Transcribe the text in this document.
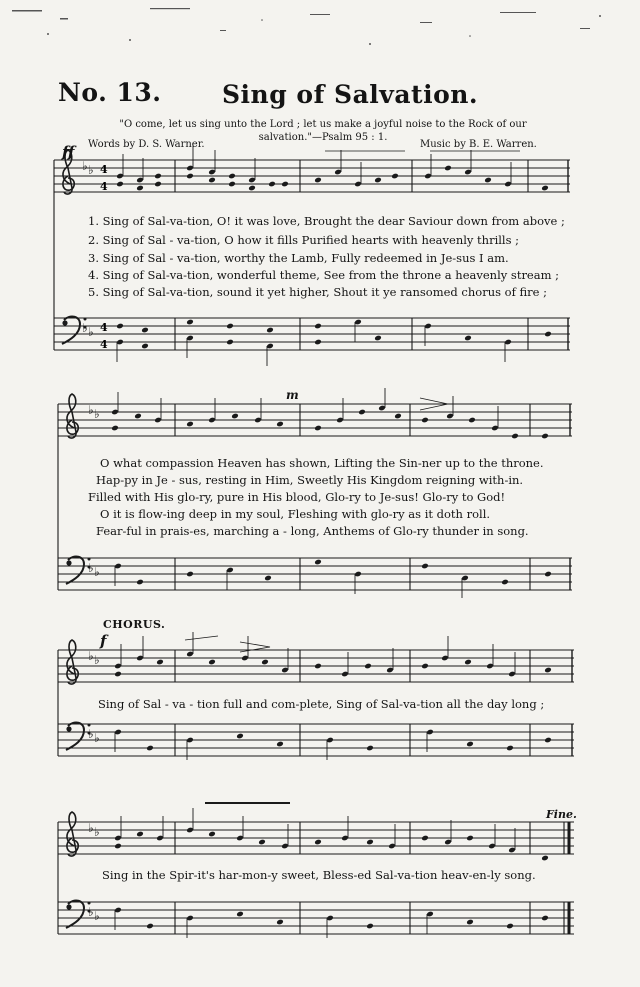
4
4
4
4
♭ ♭
♭ ♭
♭ ♭
♭ ♭
♭ ♭
♭ ♭
♭ ♭
♭ ♭
No. 13. Sing of Salvation.
"O come, let us sing unto the Lord ; let us make a joyful noise to the Rock of our salvation."—Psalm 95 : 1.
Words by D. S. Warner.	Music by B. E. Warren.
ff
m
f
CHORUS.
Fine.
1. Sing of Sal-va-tion, O! it was love, Brought the dear Saviour down from above ;
2. Sing of Sal - va-tion, O how it fills Purified hearts with heavenly thrills ;
3. Sing of Sal - va-tion, worthy the Lamb, Fully redeemed in Je-sus I am.
4. Sing of Sal-va-tion, wonderful theme, See from the throne a heavenly stream ;
5. Sing of Sal-va-tion, sound it yet higher, Shout it ye ransomed chorus of fire ;
O what compassion Heaven has shown, Lifting the Sin-ner up to the throne.
Hap-py in Je - sus, resting in Him, Sweetly His Kingdom reigning with-in.
Filled with His glo-ry, pure in His blood, Glo-ry to Je-sus! Glo-ry to God!
O it is flow-ing deep in my soul, Fleshing with glo-ry as it doth roll.
Fear-ful in prais-es, marching a - long, Anthems of Glo-ry thunder in song.
Sing of Sal - va - tion full and com-plete, Sing of Sal-va-tion all the day long ;
Sing in the Spir-it's har-mon-y sweet, Bless-ed Sal-va-tion heav-en-ly song.
